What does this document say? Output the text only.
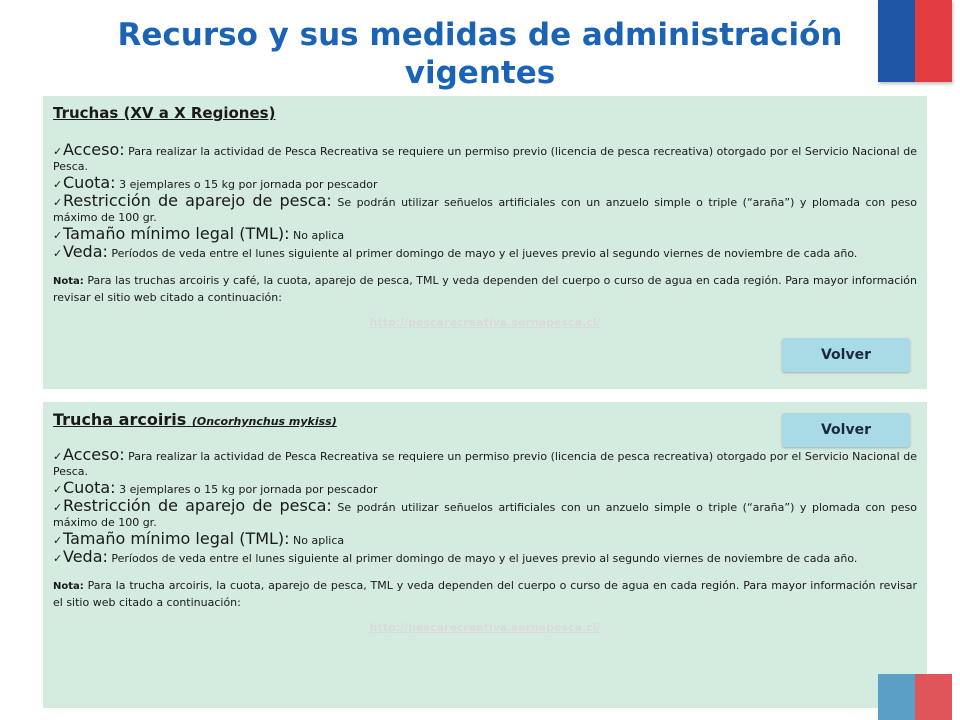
Recurso y sus medidas de administración vigentes
Truchas (XV a X Regiones)
✓Acceso: Para realizar la actividad de Pesca Recreativa se requiere un permiso previo (licencia de pesca recreativa) otorgado por el Servicio Nacional de Pesca.
✓Cuota: 3 ejemplares o 15 kg por jornada por pescador
✓Restricción de aparejo de pesca: Se podrán utilizar señuelos artificiales con un anzuelo simple o triple (“araña”) y plomada con peso máximo de 100 gr.
✓Tamaño mínimo legal (TML): No aplica
✓Veda: Períodos de veda entre el lunes siguiente al primer domingo de mayo y el jueves previo al segundo viernes de noviembre de cada año.
Nota: Para las truchas arcoiris y café, la cuota, aparejo de pesca, TML y veda dependen del cuerpo o curso de agua en cada región. Para mayor información revisar el sitio web citado a continuación:
http://pescarecreativa.sernapesca.cl/
Volver
Trucha arcoiris (Oncorhynchus mykiss)
✓Acceso: Para realizar la actividad de Pesca Recreativa se requiere un permiso previo (licencia de pesca recreativa) otorgado por el Servicio Nacional de Pesca.
✓Cuota: 3 ejemplares o 15 kg por jornada por pescador
✓Restricción de aparejo de pesca: Se podrán utilizar señuelos artificiales con un anzuelo simple o triple (“araña”) y plomada con peso máximo de 100 gr.
✓Tamaño mínimo legal (TML): No aplica
✓Veda: Períodos de veda entre el lunes siguiente al primer domingo de mayo y el jueves previo al segundo viernes de noviembre de cada año.
Nota: Para la trucha arcoiris, la cuota, aparejo de pesca, TML y veda dependen del cuerpo o curso de agua en cada región. Para mayor información revisar el sitio web citado a continuación:
http://pescarecreativa.sernapesca.cl/
Volver
